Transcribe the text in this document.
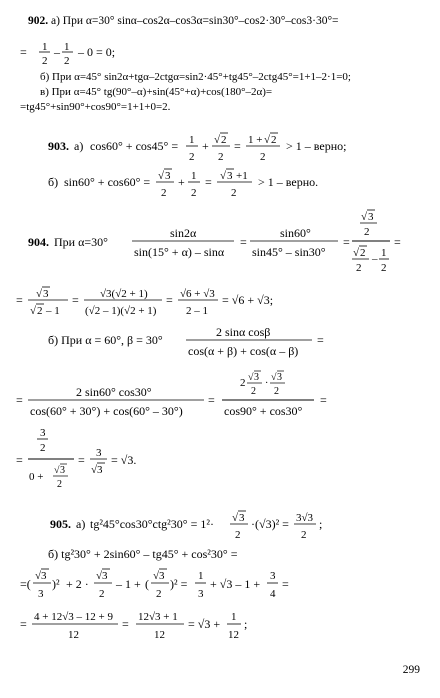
902. а) При α=30° sinα–cos2α–cos3α=sin30°–cos2·30°–cos3·30°=
= 1
2
– 1
2
– 0 = 0;
б) При α=45° sin2α+tgα–2ctgα=sin2·45°+tg45°–2ctg45°=1+1–2·1=0;
в) При α=45° tg(90°–α)+sin(45°+α)+cos(180°–2α)=
=tg45°+sin90°+cos90°=1+1+0=2.
903. а) cos60° + cos45° = 1
2
+ √ 2
2
= 1 + √ 2
2
> 1 – верно;
б) sin60° + cos60° = √ 3
2
+ 1
2
= √ 3 +1
2
> 1 – верно.
904. При α=30°
sin2α
sin(15° + α) – sinα
=
sin60°
sin45° – sin30°
=
√ 3
2
√ 2
2
– 1
2
=
= √ 3
√ 2 – 1
= √3(√2 + 1)
(√2 – 1)(√2 + 1)
= √6 + √3
2 – 1
= √6 + √3;
б) При α = 60°, β = 30°
2 sinα cosβ
cos(α + β) + cos(α – β)
=
=
2 sin60° cos30°
cos(60° + 30°) + cos(60° – 30°)
=
2 √ 3
2
·
√ 3
2
cos90° + cos30°
=
=
3
2
0 +
√ 3
2
= 3
√3
= √3.
905. а) tg²45°cos30°ctg²30° = 1²· √ 3
2
·(√3)² = 3√3
2
;
б) tg²30° + 2sin60° – tg45° + cos²30° =
=(
√3
3
)² + 2 ·
√3
2
– 1 + (
√3
2
)² =
1
3
+ √3 – 1 +
3
4
=
= 4 + 12√3 – 12 + 9
12
= 12√3 + 1
12
= √3 + 1
12
;
299
